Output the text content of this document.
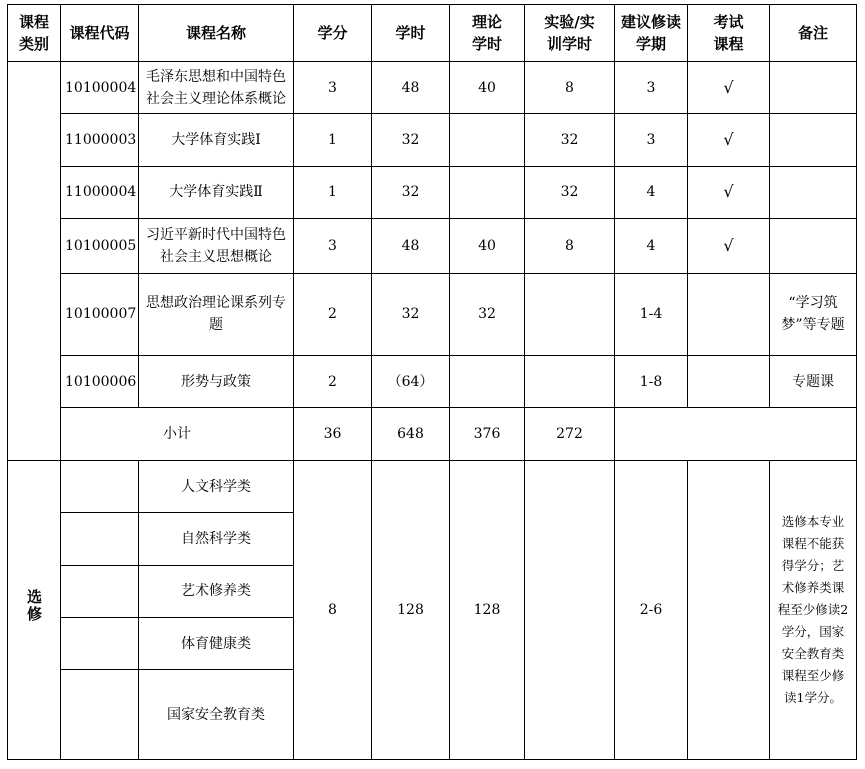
课程类别	课程代码	课程名称	学分	学时	理论学时	实验/实训学时	建议修读学期	考试课程	备注
	10100004	毛泽东思想和中国特色社会主义理论体系概论	3	48	40	8	3	√	
	11000003	大学体育实践Ⅰ	1	32		32	3	√	
	11000004	大学体育实践Ⅱ	1	32		32	4	√	
	10100005	习近平新时代中国特色社会主义思想概论	3	48	40	8	4	√	
	10100007	思想政治理论课系列专题	2	32	32		1-4		“学习筑梦”等专题
	10100006	形势与政策	2	（64）			1-8		专题课
	小计		36	648	376	272			
选修		人文科学类	8	128	128		2-6		选修本专业课程不能获得学分；艺术修养类课程至少修读2学分，国家安全教育类课程至少修读1学分。
		自然科学类							
		艺术修养类							
		体育健康类							
		国家安全教育类							
